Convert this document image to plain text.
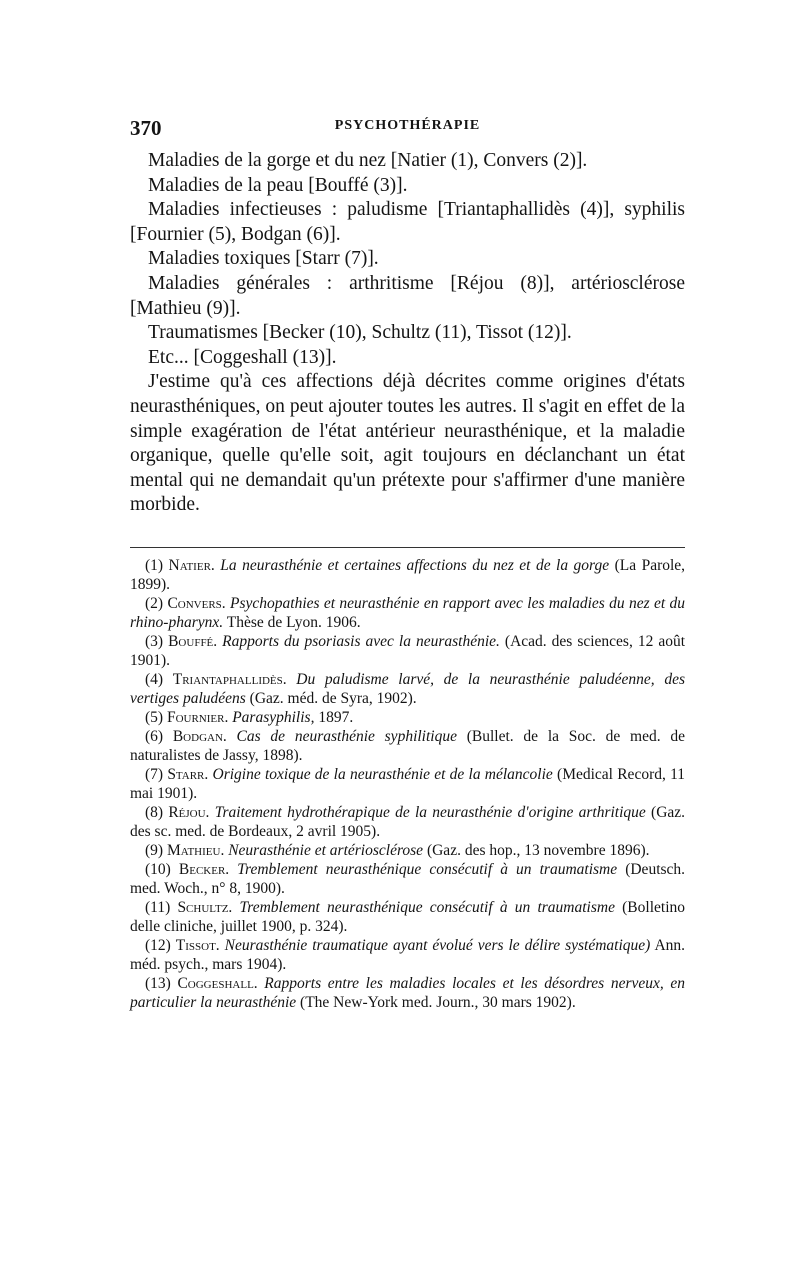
370	PSYCHOTHÉRAPIE

Maladies de la gorge et du nez [Natier (1), Convers (2)].

Maladies de la peau [Bouffé (3)].

Maladies infectieuses : paludisme [Triantaphallidès (4)], syphilis [Fournier (5), Bodgan (6)].

Maladies toxiques [Starr (7)].

Maladies générales : arthritisme [Réjou (8)], artériosclérose [Mathieu (9)].

Traumatismes [Becker (10), Schultz (11), Tissot (12)].

Etc... [Coggeshall (13)].

J'estime qu'à ces affections déjà décrites comme origines d'états neurasthéniques, on peut ajouter toutes les autres. Il s'agit en effet de la simple exagération de l'état antérieur neurasthénique, et la maladie organique, quelle qu'elle soit, agit toujours en déclanchant un état mental qui ne demandait qu'un prétexte pour s'affirmer d'une manière morbide.

(1) Natier. La neurasthénie et certaines affections du nez et de la gorge (La Parole, 1899).

(2) Convers. Psychopathies et neurasthénie en rapport avec les maladies du nez et du rhino-pharynx. Thèse de Lyon. 1906.

(3) Bouffé. Rapports du psoriasis avec la neurasthénie. (Acad. des sciences, 12 août 1901).

(4) Triantaphallidès. Du paludisme larvé, de la neurasthénie paludéenne, des vertiges paludéens (Gaz. méd. de Syra, 1902).

(5) Fournier. Parasyphilis, 1897.

(6) Bodgan. Cas de neurasthénie syphilitique (Bullet. de la Soc. de med. de naturalistes de Jassy, 1898).

(7) Starr. Origine toxique de la neurasthénie et de la mélancolie (Medical Record, 11 mai 1901).

(8) Réjou. Traitement hydrothérapique de la neurasthénie d'origine arthritique (Gaz. des sc. med. de Bordeaux, 2 avril 1905).

(9) Mathieu. Neurasthénie et artériosclérose (Gaz. des hop., 13 novembre 1896).

(10) Becker. Tremblement neurasthénique consécutif à un traumatisme (Deutsch. med. Woch., n° 8, 1900).

(11) Schultz. Tremblement neurasthénique consécutif à un traumatisme (Bolletino delle cliniche, juillet 1900, p. 324).

(12) Tissot. Neurasthénie traumatique ayant évolué vers le délire systématique) Ann. méd. psych., mars 1904).

(13) Coggeshall. Rapports entre les maladies locales et les désordres nerveux, en particulier la neurasthénie (The New-York med. Journ., 30 mars 1902).
